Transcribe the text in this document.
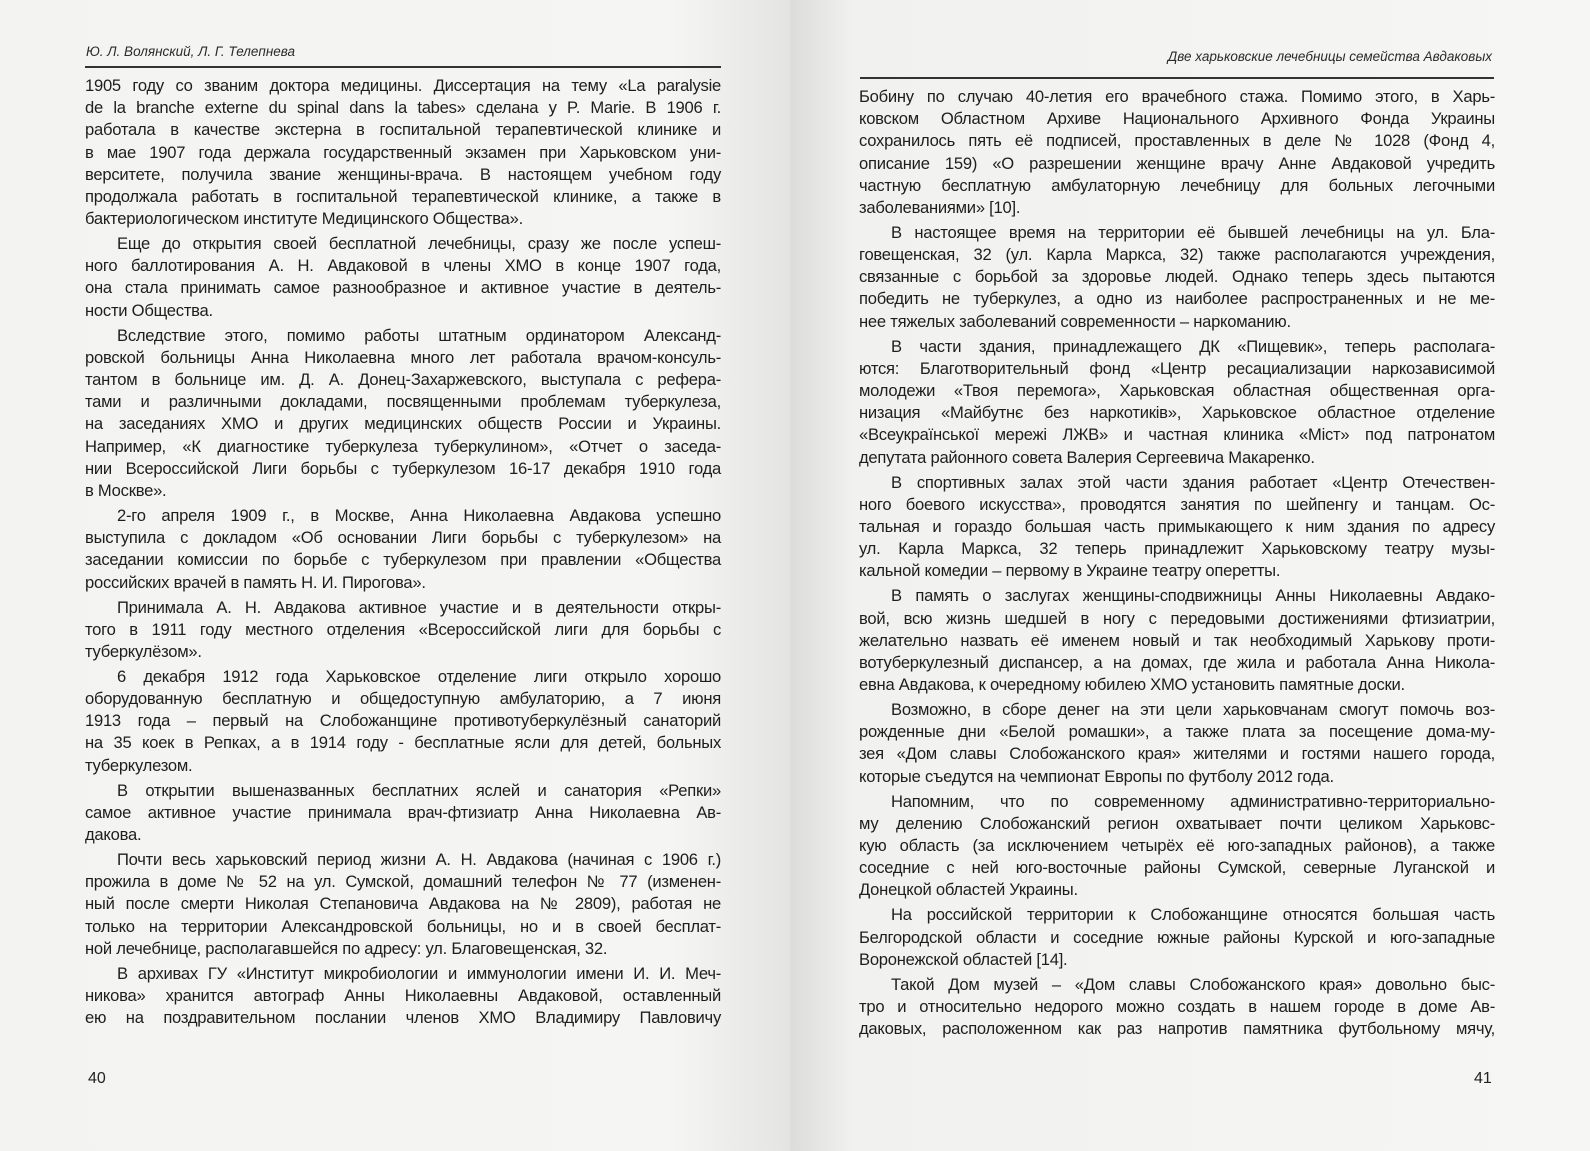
Ю. Л. Волянский, Л. Г. Телепнева
1905 году со званим доктора медицины. Диссертация на тему «La paralysie
de la branche externe du spinal dans la tabes» сделана у P. Marie. В 1906 г.
работала в качестве экстерна в госпитальной терапевтической клинике и
в мае 1907 года держала государственный экзамен при Харьковском уни-
верситете, получила звание женщины-врача. В настоящем учебном году
продолжала работать в госпитальной терапевтической клинике, а также в
бактериологическом институте Медицинского Общества».
Еще до открытия своей бесплатной лечебницы, сразу же после успеш-
ного баллотирования А. Н. Авдаковой в члены ХМО в конце 1907 года,
она стала принимать самое разнообразное и активное участие в деятель-
ности Общества.
Вследствие этого, помимо работы штатным ординатором Александ-
ровской больницы Анна Николаевна много лет работала врачом-консуль-
тантом в больнице им. Д. А. Донец-Захаржевского, выступала с рефера-
тами и различными докладами, посвященными проблемам туберкулеза,
на заседаниях ХМО и других медицинских обществ России и Украины.
Например, «К диагностике туберкулеза туберкулином», «Отчет о заседа-
нии Всероссийской Лиги борьбы с туберкулезом 16-17 декабря 1910 года
в Москве».
2-го апреля 1909 г., в Москве, Анна Николаевна Авдакова успешно
выступила с докладом «Об основании Лиги борьбы с туберкулезом» на
заседании комиссии по борьбе с туберкулезом при правлении «Общества
российских врачей в память Н. И. Пирогова».
Принимала А. Н. Авдакова активное участие и в деятельности откры-
того в 1911 году местного отделения «Всероссийской лиги для борьбы с
туберкулёзом».
6 декабря 1912 года Харьковское отделение лиги открыло хорошо
оборудованную бесплатную и общедоступную амбулаторию, а 7 июня
1913 года – первый на Слобожанщине противотуберкулёзный санаторий
на 35 коек в Репках, а в 1914 году - бесплатные ясли для детей, больных
туберкулезом.
В открытии вышеназванных бесплатних яслей и санатория «Репки»
самое активное участие принимала врач-фтизиатр Анна Николаевна Ав-
дакова.
Почти весь харьковский период жизни А. Н. Авдакова (начиная с 1906 г.)
прожила в доме № 52 на ул. Сумской, домашний телефон № 77 (изменен-
ный после смерти Николая Степановича Авдакова на № 2809), работая не
только на территории Александровской больницы, но и в своей бесплат-
ной лечебнице, располагавшейся по адресу: ул. Благовещенская, 32.
В архивах ГУ «Институт микробиологии и иммунологии имени И. И. Меч-
никова» хранится автограф Анны Николаевны Авдаковой, оставленный
ею на поздравительном послании членов ХМО Владимиру Павловичу
40
Две харьковские лечебницы семейства Авдаковых
Бобину по случаю 40-летия его врачебного стажа. Помимо этого, в Харь-
ковском Областном Архиве Национального Архивного Фонда Украины
сохранилось пять её подписей, проставленных в деле № 1028 (Фонд 4,
описание 159) «О разрешении женщине врачу Анне Авдаковой учредить
частную бесплатную амбулаторную лечебницу для больных легочными
заболеваниями» [10].
В настоящее время на территории её бывшей лечебницы на ул. Бла-
говещенская, 32 (ул. Карла Маркса, 32) также располагаются учреждения,
связанные с борьбой за здоровье людей. Однако теперь здесь пытаются
победить не туберкулез, а одно из наиболее распространенных и не ме-
нее тяжелых заболеваний современности – наркоманию.
В части здания, принадлежащего ДК «Пищевик», теперь располага-
ются: Благотворительный фонд «Центр ресациализации наркозависимой
молодежи «Твоя перемога», Харьковская областная общественная орга-
низация «Майбутнє без наркотиків», Харьковское областное отделение
«Всеукраїнської мережі ЛЖВ» и частная клиника «Міст» под патронатом
депутата районного совета Валерия Сергеевича Макаренко.
В спортивных залах этой части здания работает «Центр Отечествен-
ного боевого искусства», проводятся занятия по шейпенгу и танцам. Ос-
тальная и гораздо большая часть примыкающего к ним здания по адресу
ул. Карла Маркса, 32 теперь принадлежит Харьковскому театру музы-
кальной комедии – первому в Украине театру оперетты.
В память о заслугах женщины-сподвижницы Анны Николаевны Авдако-
вой, всю жизнь шедшей в ногу с передовыми достижениями фтизиатрии,
желательно назвать её именем новый и так необходимый Харькову проти-
вотуберкулезный диспансер, а на домах, где жила и работала Анна Никола-
евна Авдакова, к очередному юбилею ХМО установить памятные доски.
Возможно, в сборе денег на эти цели харьковчанам смогут помочь воз-
рожденные дни «Белой ромашки», а также плата за посещение дома-му-
зея «Дом славы Слобожанского края» жителями и гостями нашего города,
которые съедутся на чемпионат Европы по футболу 2012 года.
Напомним, что по современному административно-территориально-
му делению Слобожанский регион охватывает почти целиком Харьковс-
кую область (за исключением четырёх её юго-западных районов), а также
соседние с ней юго-восточные районы Сумской, северные Луганской и
Донецкой областей Украины.
На российской территории к Слобожанщине относятся большая часть
Белгородской области и соседние южные районы Курской и юго-западные
Воронежской областей [14].
Такой Дом музей – «Дом славы Слобожанского края» довольно быс-
тро и относительно недорого можно создать в нашем городе в доме Ав-
даковых, расположенном как раз напротив памятника футбольному мячу,
41
